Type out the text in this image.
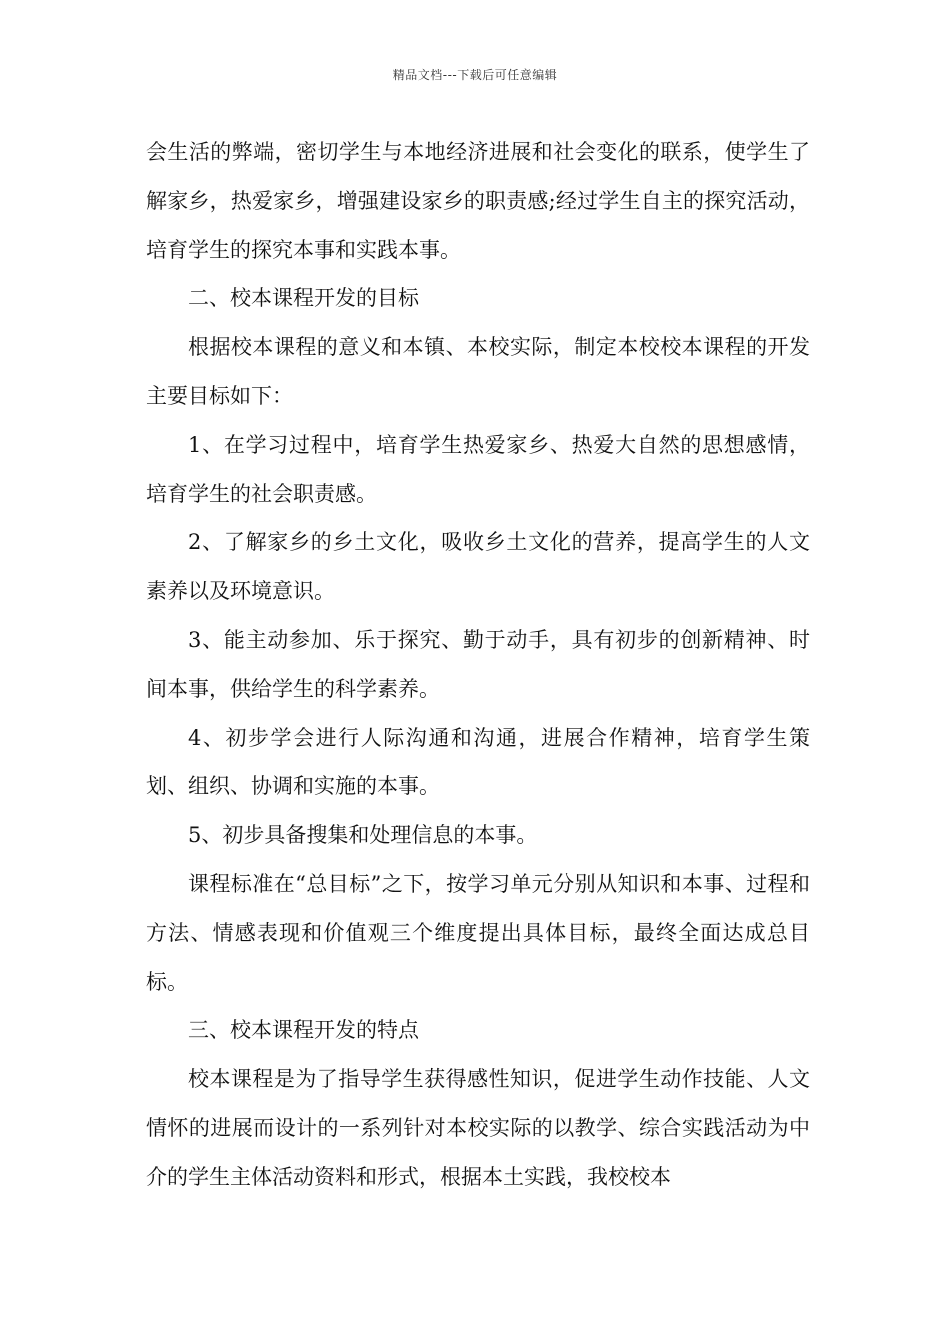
精品文档---下载后可任意编辑

会生活的弊端，密切学生与本地经济进展和社会变化的联系，使学生了解家乡，热爱家乡，增强建设家乡的职责感;经过学生自主的探究活动，培育学生的探究本事和实践本事。

二、校本课程开发的目标

根据校本课程的意义和本镇、本校实际，制定本校校本课程的开发主要目标如下：

1、在学习过程中，培育学生热爱家乡、热爱大自然的思想感情，培育学生的社会职责感。

2、了解家乡的乡土文化，吸收乡土文化的营养，提高学生的人文素养以及环境意识。

3、能主动参加、乐于探究、勤于动手，具有初步的创新精神、时间本事，供给学生的科学素养。

4、初步学会进行人际沟通和沟通，进展合作精神，培育学生策划、组织、协调和实施的本事。

5、初步具备搜集和处理信息的本事。

课程标准在“总目标”之下，按学习单元分别从知识和本事、过程和方法、情感表现和价值观三个维度提出具体目标，最终全面达成总目标。

三、校本课程开发的特点

校本课程是为了指导学生获得感性知识，促进学生动作技能、人文情怀的进展而设计的一系列针对本校实际的以教学、综合实践活动为中介的学生主体活动资料和形式，根据本土实践，我校校本
